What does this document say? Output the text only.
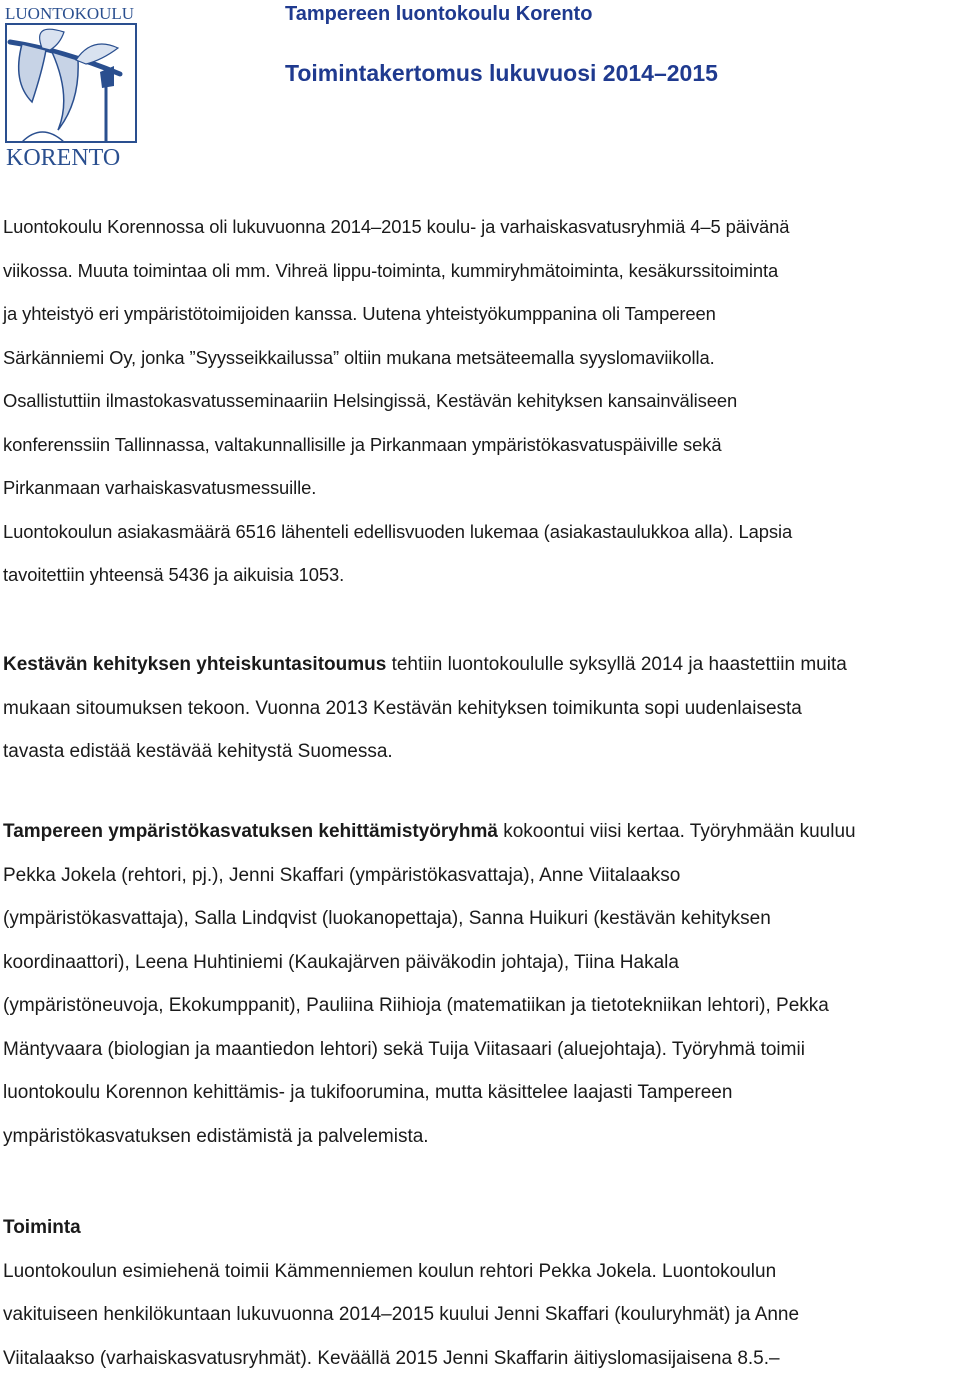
LUONTOKOULU
KORENTO
Tampereen luontokoulu Korento
Toimintakertomus lukuvuosi 2014–2015
Luontokoulu Korennossa oli lukuvuonna 2014–2015 koulu- ja varhaiskasvatusryhmiä 4–5 päivänä
viikossa. Muuta toimintaa oli mm. Vihreä lippu-toiminta, kummiryhmätoiminta, kesäkurssitoiminta
ja yhteistyö eri ympäristötoimijoiden kanssa. Uutena yhteistyökumppanina oli Tampereen
Särkänniemi Oy, jonka ”Syysseikkailussa” oltiin mukana metsäteemalla syyslomaviikolla.
Osallistuttiin ilmastokasvatusseminaariin Helsingissä, Kestävän kehityksen kansainväliseen
konferenssiin Tallinnassa, valtakunnallisille ja Pirkanmaan ympäristökasvatuspäiville sekä
Pirkanmaan varhaiskasvatusmessuille.
Luontokoulun asiakasmäärä 6516 lähenteli edellisvuoden lukemaa (asiakastaulukkoa alla). Lapsia
tavoitettiin yhteensä 5436 ja aikuisia 1053.
Kestävän kehityksen yhteiskuntasitoumus tehtiin luontokoululle syksyllä 2014 ja haastettiin muita
mukaan sitoumuksen tekoon. Vuonna 2013 Kestävän kehityksen toimikunta sopi uudenlaisesta
tavasta edistää kestävää kehitystä Suomessa.
Tampereen ympäristökasvatuksen kehittämistyöryhmä kokoontui viisi kertaa. Työryhmään kuuluu
Pekka Jokela (rehtori, pj.), Jenni Skaffari (ympäristökasvattaja), Anne Viitalaakso
(ympäristökasvattaja), Salla Lindqvist (luokanopettaja), Sanna Huikuri (kestävän kehityksen
koordinaattori), Leena Huhtiniemi (Kaukajärven päiväkodin johtaja), Tiina Hakala
(ympäristöneuvoja, Ekokumppanit), Pauliina Riihioja (matematiikan ja tietotekniikan lehtori), Pekka
Mäntyvaara (biologian ja maantiedon lehtori) sekä Tuija Viitasaari (aluejohtaja). Työryhmä toimii
luontokoulu Korennon kehittämis- ja tukifoorumina, mutta käsittelee laajasti Tampereen
ympäristökasvatuksen edistämistä ja palvelemista.
Toiminta
Luontokoulun esimiehenä toimii Kämmenniemen koulun rehtori Pekka Jokela. Luontokoulun
vakituiseen henkilökuntaan lukuvuonna 2014–2015 kuului Jenni Skaffari (kouluryhmät) ja Anne
Viitalaakso (varhaiskasvatusryhmät). Keväällä 2015 Jenni Skaffarin äitiyslomasijaisena 8.5.–
